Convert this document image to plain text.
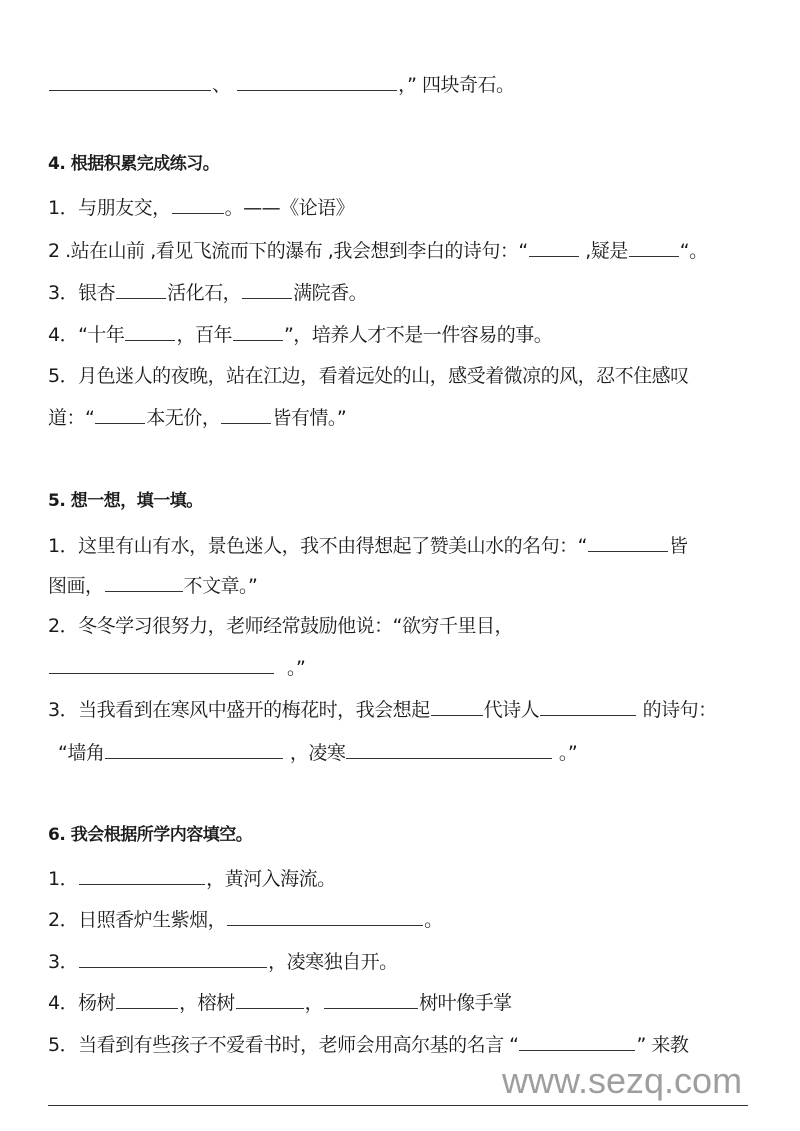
、	，” 四块奇石。
4. 根据积累完成练习。
1．与朋友交，	。——《论语》
2 .站在山前 ,看见飞流而下的瀑布 ,我会想到李白的诗句：“	,疑是	“。
3．银杏	活化石，	满院香。
4．“十年	，百年	”，培养人才不是一件容易的事。
5．月色迷人的夜晚，站在江边，看着远处的山，感受着微凉的风，忍不住感叹
道：“	本无价，	皆有情。”
5. 想一想，填一填。
1．这里有山有水，景色迷人，我不由得想起了赞美山水的名句：“	皆
图画，	不文章。”
2．冬冬学习很努力，老师经常鼓励他说：“欲穷千里目，
。”
3．当我看到在寒风中盛开的梅花时，我会想起	代诗人	的诗句：
“墙角	，凌寒	。”
6. 我会根据所学内容填空。
1．	，黄河入海流。
2．日照香炉生紫烟，	。
3．	，凌寒独自开。
4．杨树	，榕树	，	树叶像手掌
5．当看到有些孩子不爱看书时，老师会用高尔基的名言 “	” 来教
www.sezq.com
